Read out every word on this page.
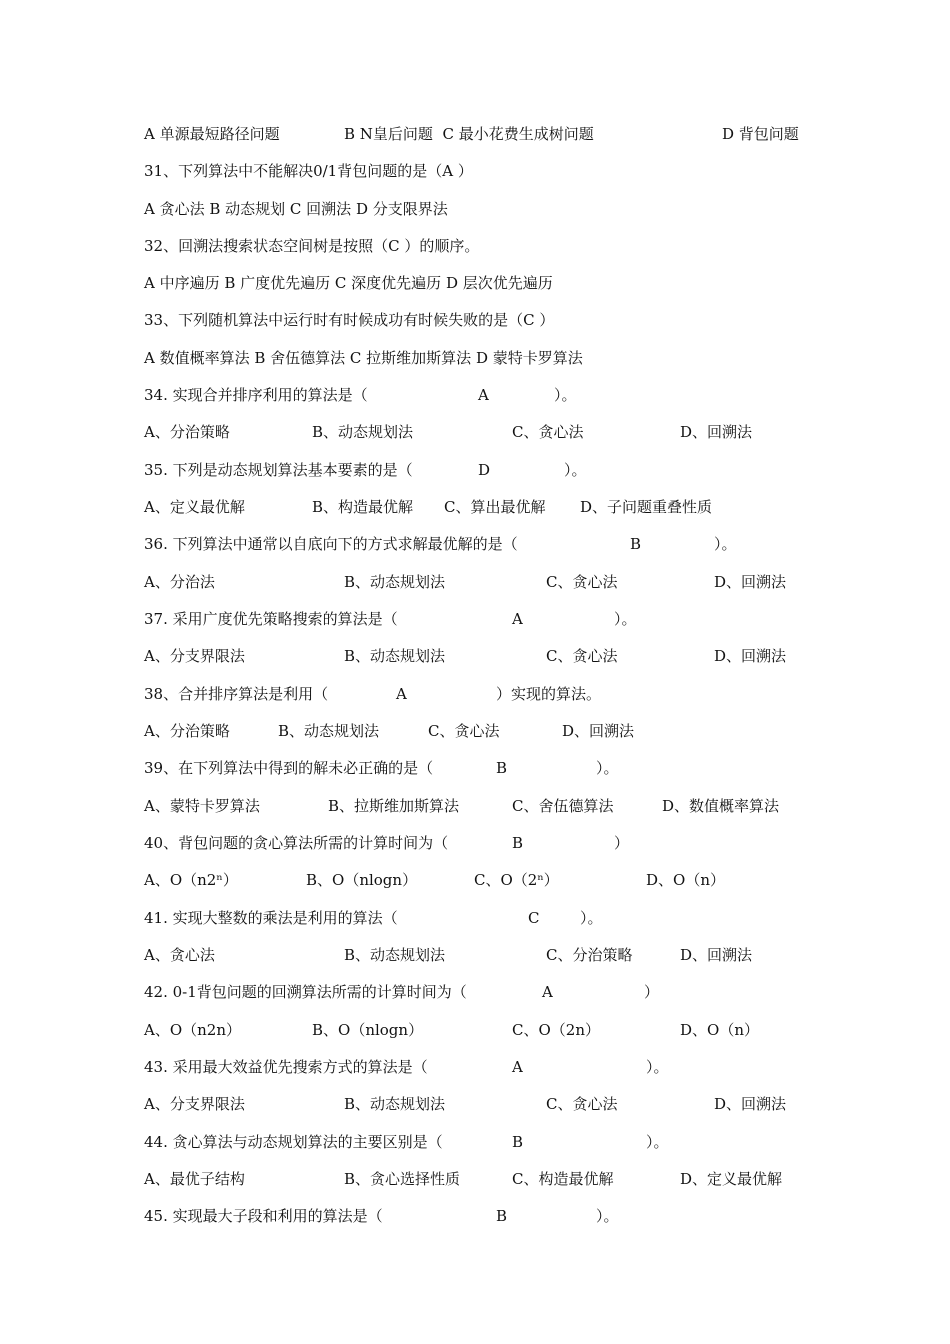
A 单源最短路径问题

	B N皇后问题  C 最小花费生成树问题

	D 背包问题

31、下列算法中不能解决0/1背包问题的是（A ）

A 贪心法 B 动态规划 C 回溯法 D 分支限界法

32、回溯法搜索状态空间树是按照（C ）的顺序。

A 中序遍历 B 广度优先遍历 C 深度优先遍历 D 层次优先遍历

33、下列随机算法中运行时有时候成功有时候失败的是（C ）

A 数值概率算法 B 舍伍德算法 C 拉斯维加斯算法 D 蒙特卡罗算法

34. 实现合并排序利用的算法是（

	A

	）。

A、分治策略

	B、动态规划法

	C、贪心法

	D、回溯法

35. 下列是动态规划算法基本要素的是（

	D

	）。

A、定义最优解

	B、构造最优解

C、算出最优解

D、子问题重叠性质

36. 下列算法中通常以自底向下的方式求解最优解的是（

	B

	）。

A、分治法

	B、动态规划法

	C、贪心法

	D、回溯法

37. 采用广度优先策略搜索的算法是（

	A

	）。

A、分支界限法

	B、动态规划法

	C、贪心法

	D、回溯法

38、合并排序算法是利用（

	A

	）实现的算法。

A、分治策略

	B、动态规划法

	C、贪心法

	D、回溯法

39、在下列算法中得到的解未必正确的是（

	B

	）。

A、蒙特卡罗算法

	B、拉斯维加斯算法

	C、舍伍德算法

	D、数值概率算法

40、背包问题的贪心算法所需的计算时间为（

	B

	）

A、O（n2ⁿ）

	B、O（nlogn）

	C、O（2ⁿ）

	D、O（n）

41. 实现大整数的乘法是利用的算法（

	C

	）。

A、贪心法

	B、动态规划法

	C、分治策略

	D、回溯法

42. 0-1背包问题的回溯算法所需的计算时间为（

	A

	）

A、O（n2n）

	B、O（nlogn）

	C、O（2n）

	D、O（n）

43. 采用最大效益优先搜索方式的算法是（

	A

	）。

A、分支界限法

	B、动态规划法

	C、贪心法

	D、回溯法

44. 贪心算法与动态规划算法的主要区别是（

	B

	）。

A、最优子结构

	B、贪心选择性质

	C、构造最优解

	D、定义最优解

45. 实现最大子段和利用的算法是（

	B

	）。
